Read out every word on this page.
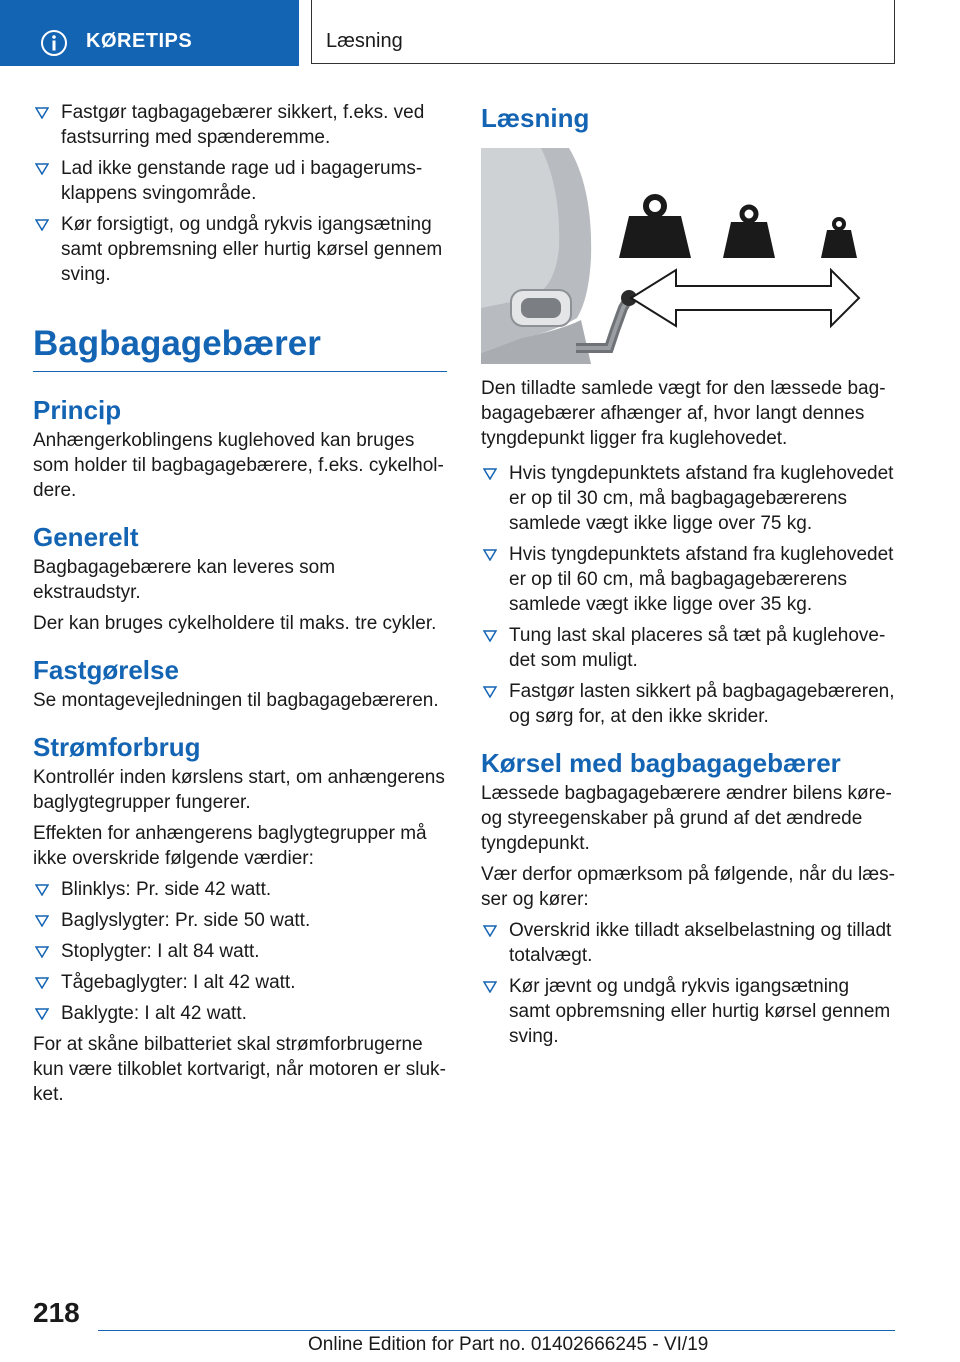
KØRETIPS	Læsning
Fastgør tagbagagebærer sikkert, f.eks. ved fastsurring med spænderemme.
Lad ikke genstande rage ud i bagagerumsklappens svingområde.
Kør forsigtigt, og undgå rykvis igangsætning samt opbremsning eller hurtig kørsel gennem sving.
Bagbagagebærer
Princip

Anhængerkoblingens kuglehoved kan bruges som holder til bagbagagebærere, f.eks. cykelholdere.

Generelt

Bagbagagebærere kan leveres som ekstraudstyr.

Der kan bruges cykelholdere til maks. tre cykler.

Fastgørelse

Se montagevejledningen til bagbagagebæreren.

Strømforbrug

Kontrollér inden kørslens start, om anhængerens baglygtegrupper fungerer.

Effekten for anhængerens baglygtegrupper må ikke overskride følgende værdier:

Blinklys: Pr. side 42 watt.
Baglyslygter: Pr. side 50 watt.
Stoplygter: I alt 84 watt.
Tågebaglygter: I alt 42 watt.
Baklygte: I alt 42 watt.

For at skåne bilbatteriet skal strømforbrugerne kun være tilkoblet kortvarigt, når motoren er slukket.

Læsning

Den tilladte samlede vægt for den læssede bagbagagebærer afhænger af, hvor langt dennes tyngdepunkt ligger fra kuglehovedet.

Hvis tyngdepunktets afstand fra kuglehovedet er op til 30 cm, må bagbagagebærerens samlede vægt ikke ligge over 75 kg.
Hvis tyngdepunktets afstand fra kuglehovedet er op til 60 cm, må bagbagagebærerens samlede vægt ikke ligge over 35 kg.
Tung last skal placeres så tæt på kuglehovedet som muligt.
Fastgør lasten sikkert på bagbagagebæreren, og sørg for, at den ikke skrider.
Kørsel med bagbagagebærer

Læssede bagbagagebærere ændrer bilens køreog styreegenskaber på grund af det ændrede tyngdepunkt.

Vær derfor opmærksom på følgende, når du læsser og kører:

Overskrid ikke tilladt akselbelastning og tilladt totalvægt.
Kør jævnt og undgå rykvis igangsætning samt opbremsning eller hurtig kørsel gennem sving.
218
Online Edition for Part no. 01402666245 - VI/19
